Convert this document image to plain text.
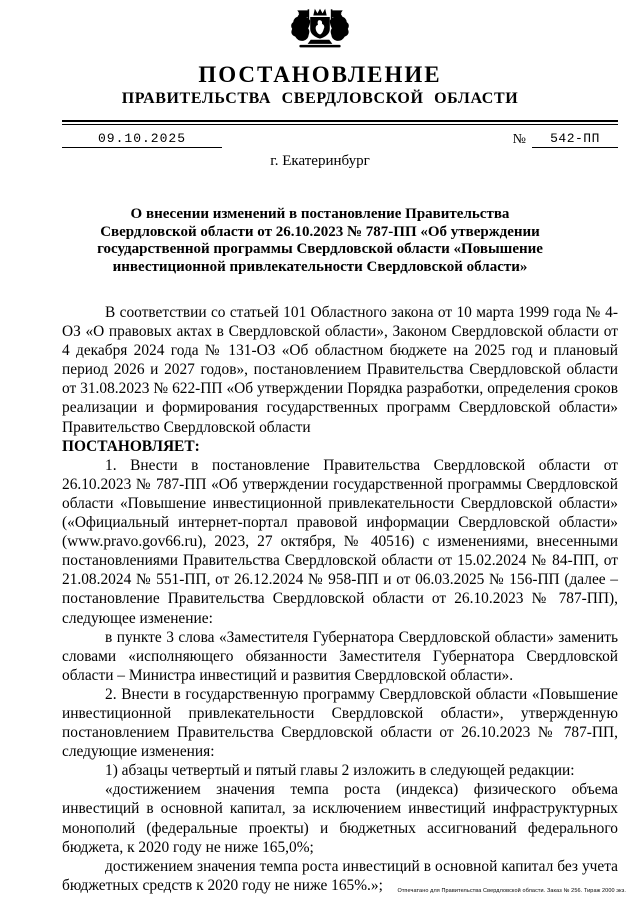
ПОСТАНОВЛЕНИЕ
ПРАВИТЕЛЬСТВА СВЕРДЛОВСКОЙ ОБЛАСТИ
09.10.2025	№	542-ПП
г. Екатеринбург
О внесении изменений в постановление Правительства Свердловской области от 26.10.2023 № 787-ПП «Об утверждении государственной программы Свердловской области «Повышение инвестиционной привлекательности Свердловской области»

В соответствии со статьей 101 Областного закона от 10 марта 1999 года № 4-ОЗ «О правовых актах в Свердловской области», Законом Свердловской области от 4 декабря 2024 года № 131-ОЗ «Об областном бюджете на 2025 год и плановый период 2026 и 2027 годов», постановлением Правительства Свердловской области от 31.08.2023 № 622-ПП «Об утверждении Порядка разработки, определения сроков реализации и формирования государственных программ Свердловской области» Правительство Свердловской области

ПОСТАНОВЛЯЕТ:

1. Внести в постановление Правительства Свердловской области от 26.10.2023 № 787-ПП «Об утверждении государственной программы Свердловской области «Повышение инвестиционной привлекательности Свердловской области» («Официальный интернет-портал правовой информации Свердловской области» (www.pravo.gov66.ru), 2023, 27 октября, № 40516) с изменениями, внесенными постановлениями Правительства Свердловской области от 15.02.2024 № 84-ПП, от 21.08.2024 № 551-ПП, от 26.12.2024 № 958-ПП и от 06.03.2025 № 156-ПП (далее – постановление Правительства Свердловской области от 26.10.2023 № 787-ПП), следующее изменение:

в пункте 3 слова «Заместителя Губернатора Свердловской области» заменить словами «исполняющего обязанности Заместителя Губернатора Свердловской области – Министра инвестиций и развития Свердловской области».

2. Внести в государственную программу Свердловской области «Повышение инвестиционной привлекательности Свердловской области», утвержденную постановлением Правительства Свердловской области от 26.10.2023 № 787-ПП, следующие изменения:

1) абзацы четвертый и пятый главы 2 изложить в следующей редакции:

«достижением значения темпа роста (индекса) физического объема инвестиций в основной капитал, за исключением инвестиций инфраструктурных монополий (федеральные проекты) и бюджетных ассигнований федерального бюджета, к 2020 году не ниже 165,0%;

достижением значения темпа роста инвестиций в основной капитал без учета бюджетных средств к 2020 году не ниже 165%.»;	Отпечатано для Правительства Свердловской области. Заказ № 256. Тираж 2000 экз.
